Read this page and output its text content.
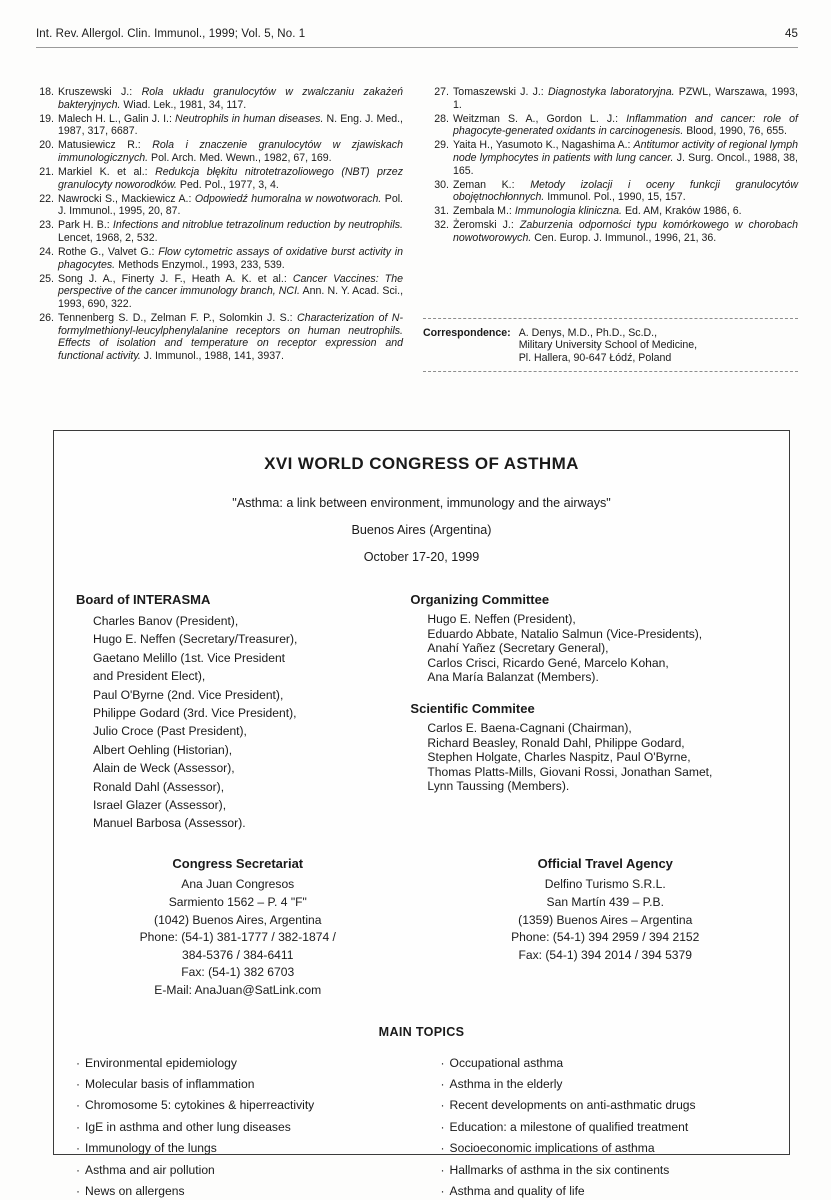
Int. Rev. Allergol. Clin. Immunol., 1999; Vol. 5, No. 1	45
18. Kruszewski J.: Rola układu granulocytów w zwalczaniu zakażeń bakteryjnych. Wiad. Lek., 1981, 34, 117.
19. Malech H. L., Galin J. I.: Neutrophils in human diseases. N. Eng. J. Med., 1987, 317, 6687.
20. Matusiewicz R.: Rola i znaczenie granulocytów w zjawiskach immunologicznych. Pol. Arch. Med. Wewn., 1982, 67, 169.
21. Markiel K. et al.: Redukcja błękitu nitrotetrazoliowego (NBT) przez granulocyty noworodków. Ped. Pol., 1977, 3, 4.
22. Nawrocki S., Mackiewicz A.: Odpowiedź humoralna w nowotworach. Pol. J. Immunol., 1995, 20, 87.
23. Park H. B.: Infections and nitroblue tetrazolinum reduction by neutrophils. Lencet, 1968, 2, 532.
24. Rothe G., Valvet G.: Flow cytometric assays of oxidative burst activity in phagocytes. Methods Enzymol., 1993, 233, 539.
25. Song J. A., Finerty J. F., Heath A. K. et al.: Cancer Vaccines: The perspective of the cancer immunology branch, NCI. Ann. N. Y. Acad. Sci., 1993, 690, 322.
26. Tennenberg S. D., Zelman F. P., Solomkin J. S.: Characterization of N-formylmethionyl-leucylphenylalanine receptors on human neutrophils. Effects of isolation and temperature on receptor expression and functional activity. J. Immunol., 1988, 141, 3937.
27. Tomaszewski J. J.: Diagnostyka laboratoryjna. PZWL, Warszawa, 1993, 1.
28. Weitzman S. A., Gordon L. J.: Inflammation and cancer: role of phagocyte-generated oxidants in carcinogenesis. Blood, 1990, 76, 655.
29. Yaita H., Yasumoto K., Nagashima A.: Antitumor activity of regional lymph node lymphocytes in patients with lung cancer. J. Surg. Oncol., 1988, 38, 165.
30. Zeman K.: Metody izolacji i oceny funkcji granulocytów obojętnochłonnych. Immunol. Pol., 1990, 15, 157.
31. Zembala M.: Immunologia kliniczna. Ed. AM, Kraków 1986, 6.
32. Żeromski J.: Zaburzenia odporności typu komórkowego w chorobach nowotworowych. Cen. Europ. J. Immunol., 1996, 21, 36.
Correspondence: A. Denys, M.D., Ph.D., Sc.D.,
Military University School of Medicine,
Pl. Hallera, 90-647 Łódź, Poland
XVI WORLD CONGRESS OF ASTHMA
"Asthma: a link between environment, immunology and the airways"
Buenos Aires (Argentina)
October 17-20, 1999
Board of INTERASMA
Charles Banov (President),
Hugo E. Neffen (Secretary/Treasurer),
Gaetano Melillo (1st. Vice President
and President Elect),
Paul O'Byrne (2nd. Vice President),
Philippe Godard (3rd. Vice President),
Julio Croce (Past President),
Albert Oehling (Historian),
Alain de Weck (Assessor),
Ronald Dahl (Assessor),
Israel Glazer (Assessor),
Manuel Barbosa (Assessor).
Organizing Committee
Hugo E. Neffen (President),
Eduardo Abbate, Natalio Salmun (Vice-Presidents),
Anahí Yañez (Secretary General),
Carlos Crisci, Ricardo Gené, Marcelo Kohan,
Ana María Balanzat (Members).
Scientific Commitee
Carlos E. Baena-Cagnani (Chairman),
Richard Beasley, Ronald Dahl, Philippe Godard,
Stephen Holgate, Charles Naspitz, Paul O'Byrne,
Thomas Platts-Mills, Giovani Rossi, Jonathan Samet,
Lynn Taussing (Members).
Congress Secretariat
Ana Juan Congresos
Sarmiento 1562 – P. 4 "F"
(1042) Buenos Aires, Argentina
Phone: (54-1) 381-1777 / 382-1874 /
384-5376 / 384-6411
Fax: (54-1) 382 6703
E-Mail: AnaJuan@SatLink.com
Official Travel Agency
Delfino Turismo S.R.L.
San Martín 439 – P.B.
(1359) Buenos Aires – Argentina
Phone: (54-1) 394 2959 / 394 2152
Fax: (54-1) 394 2014 / 394 5379
MAIN TOPICS
· Environmental epidemiology
· Molecular basis of inflammation
· Chromosome 5: cytokines & hiperreactivity
· IgE in asthma and other lung diseases
· Immunology of the lungs
· Asthma and air pollution
· News on allergens
· Occupational asthma
· Asthma in the elderly
· Recent developments on anti-asthmatic drugs
· Education: a milestone of qualified treatment
· Socioeconomic implications of asthma
· Hallmarks of asthma in the six continents
· Asthma and quality of life
